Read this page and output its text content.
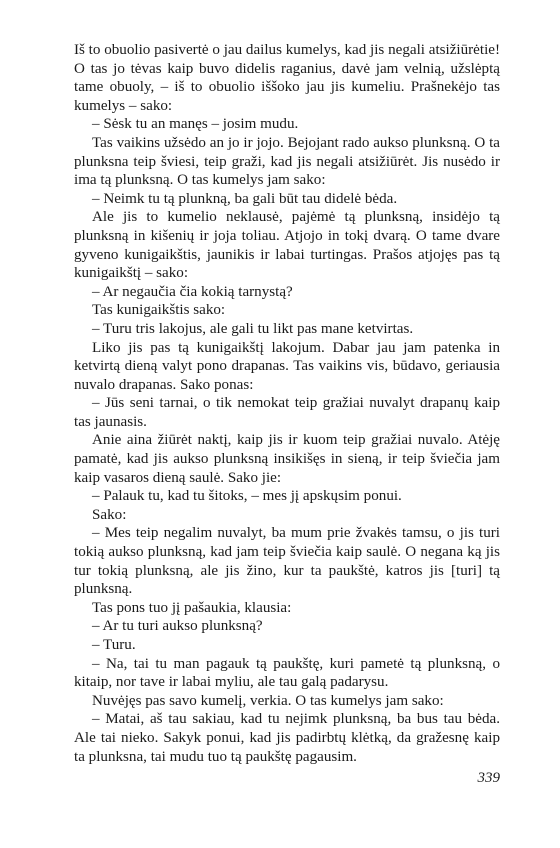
Iš to obuolio pasivertė o jau dailus kumelys, kad jis negali atsižiūrėtie! O tas jo tėvas kaip buvo didelis raganius, davė jam velnią, užslėptą tame obuoly, – iš to obuolio iššoko jau jis kumeliu. Prašnekėjo tas kumelys – sako:

– Sėsk tu an manęs – josim mudu.

Tas vaikins užsėdo an jo ir jojo. Bejojant rado aukso plunksną. O ta plunksna teip šviesi, teip graži, kad jis negali atsižiūrėt. Jis nusėdo ir ima tą plunksną. O tas kumelys jam sako:

– Neimk tu tą plunkną, ba gali būt tau didelė bėda.

Ale jis to kumelio neklausė, pajėmė tą plunksną, insidėjo tą plunksną in kišenių ir joja toliau. Atjojo in tokį dvarą. O tame dvare gyveno kunigaikštis, jaunikis ir labai turtingas. Prašos atjojęs pas tą kunigaikštį – sako:

– Ar negaučia čia kokią tarnystą?

Tas kunigaikštis sako:

– Turu tris lakojus, ale gali tu likt pas mane ketvirtas.

Liko jis pas tą kunigaikštį lakojum. Dabar jau jam patenka in ketvirtą dieną valyt pono drapanas. Tas vaikins vis, būdavo, geriausia nuvalo drapanas. Sako ponas:

– Jūs seni tarnai, o tik nemokat teip gražiai nuvalyt drapanų kaip tas jaunasis.

Anie aina žiūrėt naktį, kaip jis ir kuom teip gražiai nuvalo. Atėję pamatė, kad jis aukso plunksną insikišęs in sieną, ir teip šviečia jam kaip vasaros dieną saulė. Sako jie:

– Palauk tu, kad tu šitoks, – mes jį apskųsim ponui.

Sako:

– Mes teip negalim nuvalyt, ba mum prie žvakės tamsu, o jis turi tokią aukso plunksną, kad jam teip šviečia kaip saulė. O negana ką jis tur tokią plunksną, ale jis žino, kur ta paukštė, katros jis [turi] tą plunksną.

Tas pons tuo jį pašaukia, klausia:

– Ar tu turi aukso plunksną?

– Turu.

– Na, tai tu man pagauk tą paukštę, kuri pametė tą plunksną, o kitaip, nor tave ir labai myliu, ale tau galą padarysu.

Nuvėjęs pas savo kumelį, verkia. O tas kumelys jam sako:

– Matai, aš tau sakiau, kad tu nejimk plunksną, ba bus tau bėda. Ale tai nieko. Sakyk ponui, kad jis padirbtų klėtką, da gražesnę kaip ta plunksna, tai mudu tuo tą paukštę pagausim.

339
